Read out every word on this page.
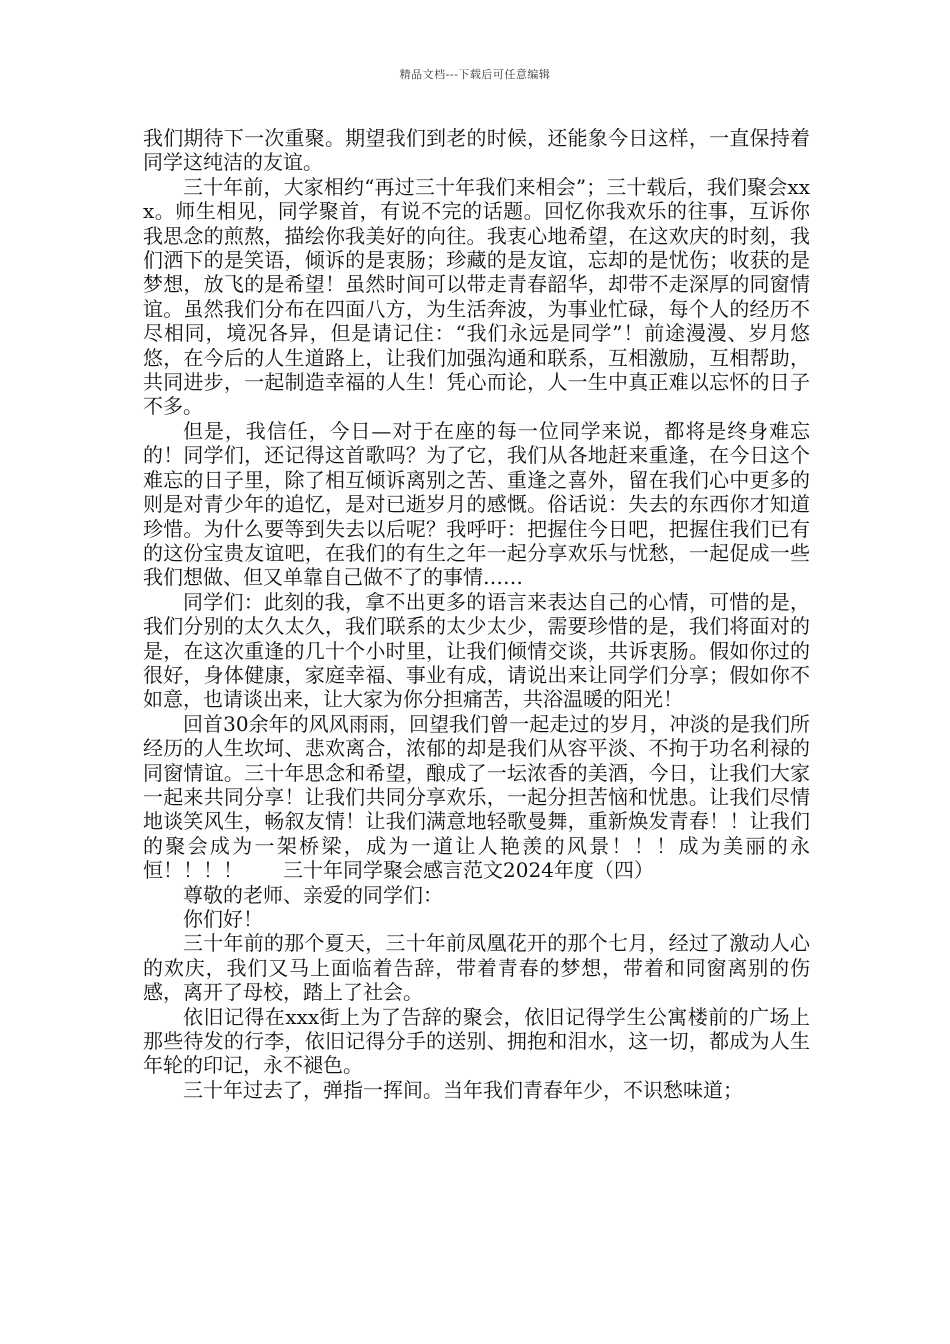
精品文档---下载后可任意编辑

我们期待下一次重聚。期望我们到老的时候，还能象今日这样，一直保持着同学这纯洁的友谊。

三十年前，大家相约“再过三十年我们来相会”；三十载后，我们聚会xxx。师生相见，同学聚首，有说不完的话题。回忆你我欢乐的往事，互诉你我思念的煎熬，描绘你我美好的向往。我衷心地希望，在这欢庆的时刻，我们洒下的是笑语，倾诉的是衷肠；珍藏的是友谊，忘却的是忧伤；收获的是梦想，放飞的是希望！虽然时间可以带走青春韶华，却带不走深厚的同窗情谊。虽然我们分布在四面八方，为生活奔波，为事业忙碌，每个人的经历不尽相同，境况各异，但是请记住：“我们永远是同学”！前途漫漫、岁月悠悠，在今后的人生道路上，让我们加强沟通和联系，互相激励，互相帮助，共同进步，一起制造幸福的人生！凭心而论，人一生中真正难以忘怀的日子不多。

但是，我信任，今日—对于在座的每一位同学来说，都将是终身难忘的！同学们，还记得这首歌吗？为了它，我们从各地赶来重逢，在今日这个难忘的日子里，除了相互倾诉离别之苦、重逢之喜外，留在我们心中更多的则是对青少年的追忆，是对已逝岁月的感慨。俗话说：失去的东西你才知道珍惜。为什么要等到失去以后呢？我呼吁：把握住今日吧，把握住我们已有的这份宝贵友谊吧，在我们的有生之年一起分享欢乐与忧愁，一起促成一些我们想做、但又单靠自己做不了的事情……

同学们：此刻的我，拿不出更多的语言来表达自己的心情，可惜的是，我们分别的太久太久，我们联系的太少太少，需要珍惜的是，我们将面对的是，在这次重逢的几十个小时里，让我们倾情交谈，共诉衷肠。假如你过的很好，身体健康，家庭幸福、事业有成，请说出来让同学们分享；假如你不如意，也请谈出来，让大家为你分担痛苦，共浴温暖的阳光！

回首30余年的风风雨雨，回望我们曾一起走过的岁月，冲淡的是我们所经历的人生坎坷、悲欢离合，浓郁的却是我们从容平淡、不拘于功名利禄的同窗情谊。三十年思念和希望，酿成了一坛浓香的美酒，今日，让我们大家一起来共同分享！让我们共同分享欢乐，一起分担苦恼和忧患。让我们尽情地谈笑风生，畅叙友情！让我们满意地轻歌曼舞，重新焕发青春！！让我们的聚会成为一架桥梁，成为一道让人艳羡的风景！！！成为美丽的永恒！！！！　　三十年同学聚会感言范文2024年度（四）

尊敬的老师、亲爱的同学们：

你们好！

三十年前的那个夏天，三十年前凤凰花开的那个七月，经过了激动人心的欢庆，我们又马上面临着告辞，带着青春的梦想，带着和同窗离别的伤感，离开了母校，踏上了社会。

依旧记得在xxx街上为了告辞的聚会，依旧记得学生公寓楼前的广场上那些待发的行李，依旧记得分手的送别、拥抱和泪水，这一切，都成为人生年轮的印记，永不褪色。

三十年过去了，弹指一挥间。当年我们青春年少，不识愁味道；
